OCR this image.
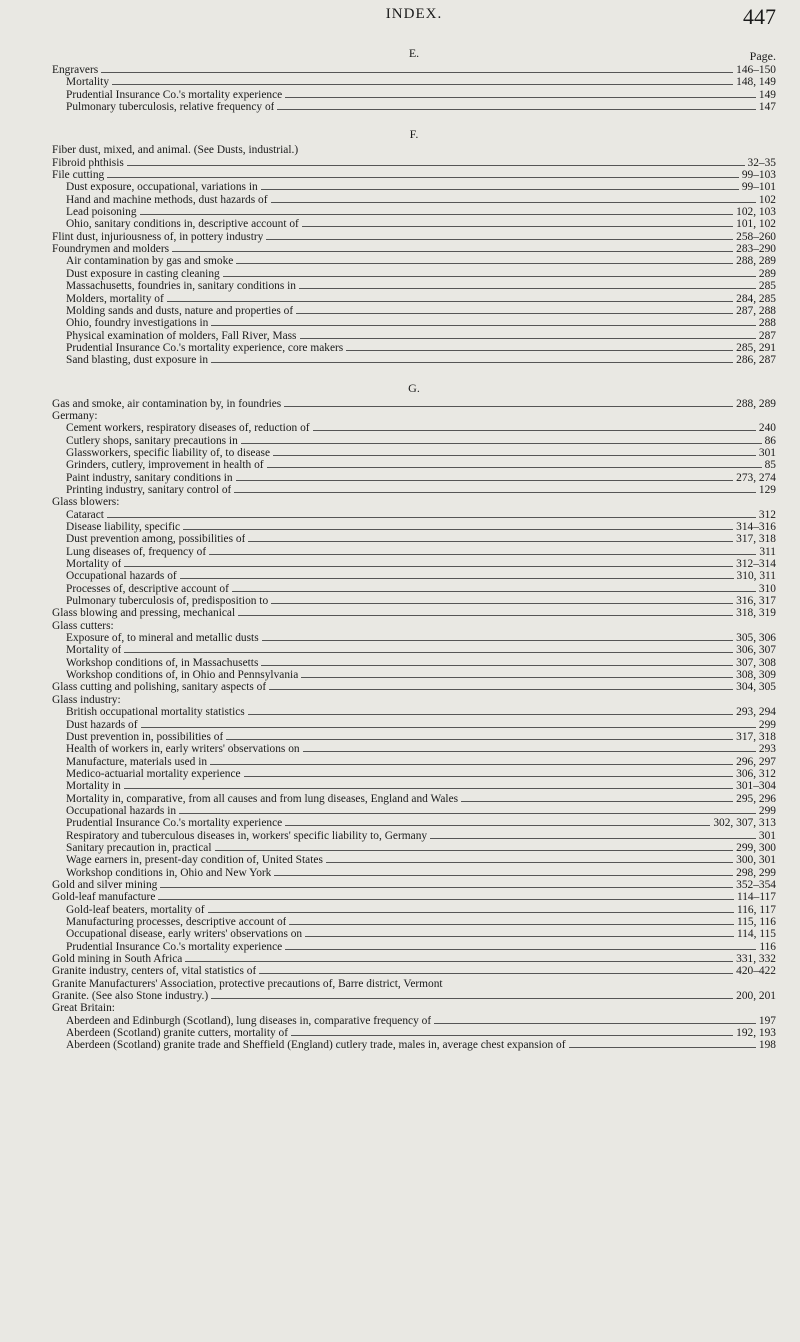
INDEX.	447
E.	Page.
Engravers	146–150
Mortality	148, 149
Prudential Insurance Co.'s mortality experience	149
Pulmonary tuberculosis, relative frequency of	147
F.
Fiber dust, mixed, and animal. (See Dusts, industrial.)
Fibroid phthisis	32–35
File cutting	99–103
Dust exposure, occupational, variations in	99–101
Hand and machine methods, dust hazards of	102
Lead poisoning	102, 103
Ohio, sanitary conditions in, descriptive account of	101, 102
Flint dust, injuriousness of, in pottery industry	258–260
Foundrymen and molders	283–290
Air contamination by gas and smoke	288, 289
Dust exposure in casting cleaning	289
Massachusetts, foundries in, sanitary conditions in	285
Molders, mortality of	284, 285
Molding sands and dusts, nature and properties of	287, 288
Ohio, foundry investigations in	288
Physical examination of molders, Fall River, Mass	287
Prudential Insurance Co.'s mortality experience, core makers	285, 291
Sand blasting, dust exposure in	286, 287
G.
Gas and smoke, air contamination by, in foundries	288, 289
Germany:
Cement workers, respiratory diseases of, reduction of	240
Cutlery shops, sanitary precautions in	86
Glassworkers, specific liability of, to disease	301
Grinders, cutlery, improvement in health of	85
Paint industry, sanitary conditions in	273, 274
Printing industry, sanitary control of	129
Glass blowers:
Cataract	312
Disease liability, specific	314–316
Dust prevention among, possibilities of	317, 318
Lung diseases of, frequency of	311
Mortality of	312–314
Occupational hazards of	310, 311
Processes of, descriptive account of	310
Pulmonary tuberculosis of, predisposition to	316, 317
Glass blowing and pressing, mechanical	318, 319
Glass cutters:
Exposure of, to mineral and metallic dusts	305, 306
Mortality of	306, 307
Workshop conditions of, in Massachusetts	307, 308
Workshop conditions of, in Ohio and Pennsylvania	308, 309
Glass cutting and polishing, sanitary aspects of	304, 305
Glass industry:
British occupational mortality statistics	293, 294
Dust hazards of	299
Dust prevention in, possibilities of	317, 318
Health of workers in, early writers' observations on	293
Manufacture, materials used in	296, 297
Medico-actuarial mortality experience	306, 312
Mortality in	301–304
Mortality in, comparative, from all causes and from lung diseases, England and Wales	295, 296
Occupational hazards in	299
Prudential Insurance Co.'s mortality experience	302, 307, 313
Respiratory and tuberculous diseases in, workers' specific liability to, Germany	301
Sanitary precaution in, practical	299, 300
Wage earners in, present-day condition of, United States	300, 301
Workshop conditions in, Ohio and New York	298, 299
Gold and silver mining	352–354
Gold-leaf manufacture	114–117
Gold-leaf beaters, mortality of	116, 117
Manufacturing processes, descriptive account of	115, 116
Occupational disease, early writers' observations on	114, 115
Prudential Insurance Co.'s mortality experience	116
Gold mining in South Africa	331, 332
Granite industry, centers of, vital statistics of	420–422
Granite Manufacturers' Association, protective precautions of, Barre district, Vermont
Granite. (See also Stone industry.)	200, 201
Great Britain:
Aberdeen and Edinburgh (Scotland), lung diseases in, comparative frequency of	197
Aberdeen (Scotland) granite cutters, mortality of	192, 193
Aberdeen (Scotland) granite trade and Sheffield (England) cutlery trade, males in, average chest expansion of	198
